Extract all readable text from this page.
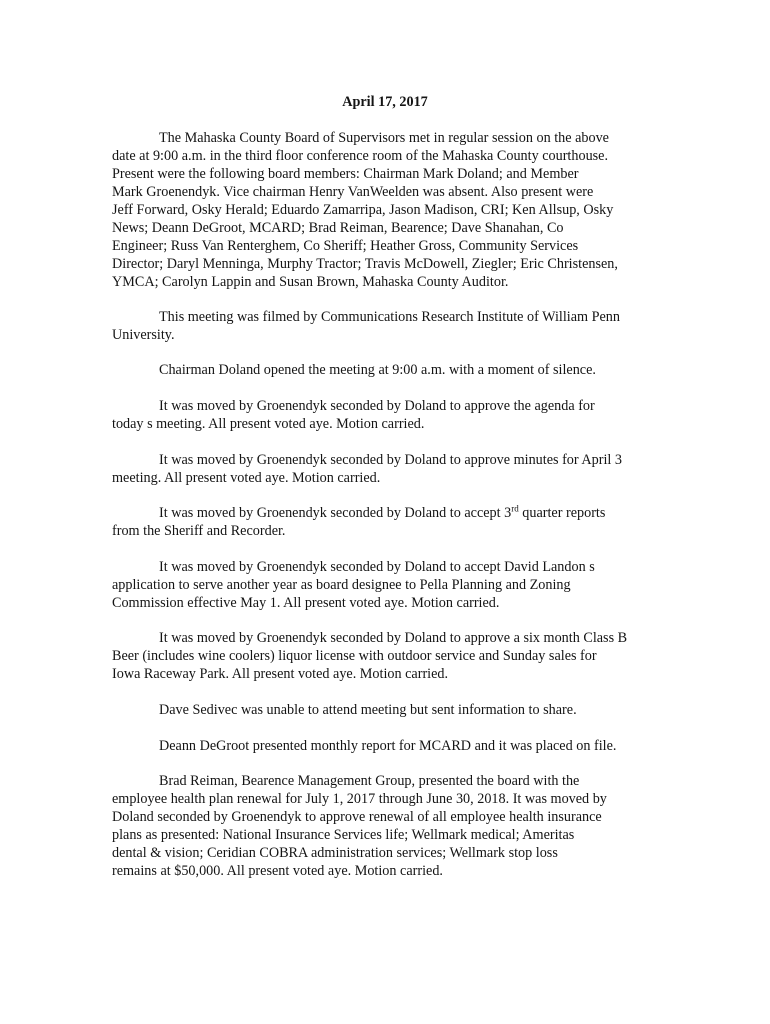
April 17, 2017
The Mahaska County Board of Supervisors met in regular session on the above
date at 9:00 a.m. in the third floor conference room of the Mahaska County courthouse.
Present were the following board members: Chairman Mark Doland; and Member
Mark Groenendyk. Vice chairman Henry VanWeelden was absent. Also present were
Jeff Forward, Osky Herald; Eduardo Zamarripa, Jason Madison, CRI; Ken Allsup, Osky
News; Deann DeGroot, MCARD; Brad Reiman, Bearence; Dave Shanahan, Co
Engineer; Russ Van Renterghem, Co Sheriff; Heather Gross, Community Services
Director; Daryl Menninga, Murphy Tractor; Travis McDowell, Ziegler; Eric Christensen,
YMCA; Carolyn Lappin and Susan Brown, Mahaska County Auditor.
This meeting was filmed by Communications Research Institute of William Penn
University.
Chairman Doland opened the meeting at 9:00 a.m. with a moment of silence.
It was moved by Groenendyk seconded by Doland to approve the agenda for
today s meeting. All present voted aye. Motion carried.
It was moved by Groenendyk seconded by Doland to approve minutes for April 3
meeting. All present voted aye. Motion carried.
It was moved by Groenendyk seconded by Doland to accept 3rd quarter reports
from the Sheriff and Recorder.
It was moved by Groenendyk seconded by Doland to accept David Landon s
application to serve another year as board designee to Pella Planning and Zoning
Commission effective May 1. All present voted aye. Motion carried.
It was moved by Groenendyk seconded by Doland to approve a six month Class B
Beer (includes wine coolers) liquor license with outdoor service and Sunday sales for
Iowa Raceway Park. All present voted aye. Motion carried.
Dave Sedivec was unable to attend meeting but sent information to share.
Deann DeGroot presented monthly report for MCARD and it was placed on file.
Brad Reiman, Bearence Management Group, presented the board with the
employee health plan renewal for July 1, 2017 through June 30, 2018. It was moved by
Doland seconded by Groenendyk to approve renewal of all employee health insurance
plans as presented: National Insurance Services life; Wellmark medical; Ameritas
dental & vision; Ceridian COBRA administration services; Wellmark stop loss
remains at $50,000. All present voted aye. Motion carried.
